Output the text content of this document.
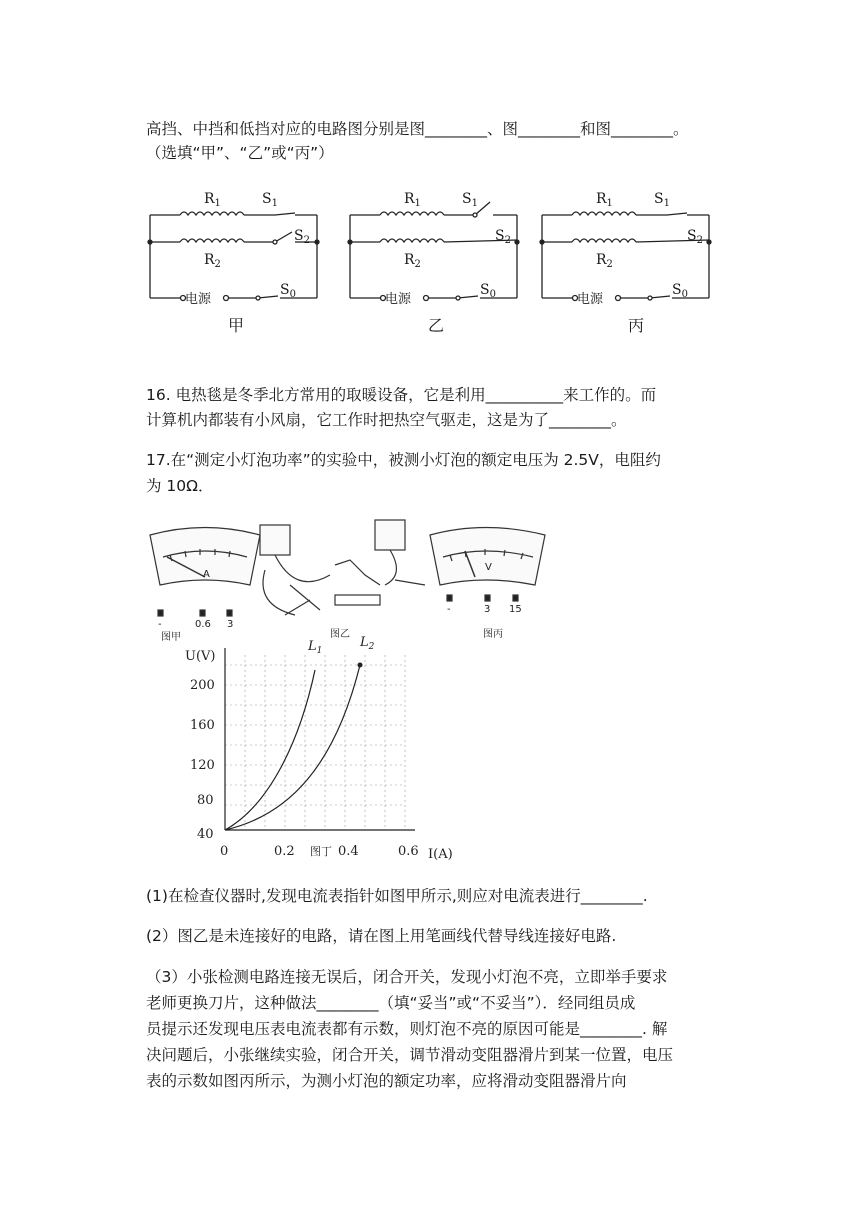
高挡、中挡和低挡对应的电路图分别是图________、图________和图________。
（选填“甲”、“乙”或“丙”）
$R_1$	$S_1$
$S_2$
$R_2$
$S_0$
电源
甲
$R_1$	$S_1$
$S_2$
$R_2$
$S_0$
电源
乙
$R_1$	$S_1$
$S_2$
$R_2$
$S_0$
电源
丙
16. 电热毯是冬季北方常用的取暖设备，它是利用__________来工作的。而
计算机内都装有小风扇，它工作时把热空气驱走，这是为了________。
17.在“测定小灯泡功率”的实验中，被测小灯泡的额定电压为 2.5V，电阻约
为 10Ω．
A
V
-	0.6 3
-	3 15
图甲	图乙	图丙
U(V)
I(A)
$L_1$
$L_2$
200
160
120
80
40
0	0.2	0.4	0.6
图丁
(1)在检查仪器时,发现电流表指针如图甲所示,则应对电流表进行________.
(2）图乙是未连接好的电路，请在图上用笔画线代替导线连接好电路.
（3）小张检测电路连接无误后，闭合开关，发现小灯泡不亮，立即举手要求
老师更换刀片，这种做法________（填“妥当”或“不妥当”）．经同组员成
员提示还发现电压表电流表都有示数，则灯泡不亮的原因可能是________. 解
决问题后，小张继续实验，闭合开关，调节滑动变阻器滑片到某一位置，电压
表的示数如图丙所示，为测小灯泡的额定功率，应将滑动变阻器滑片向
